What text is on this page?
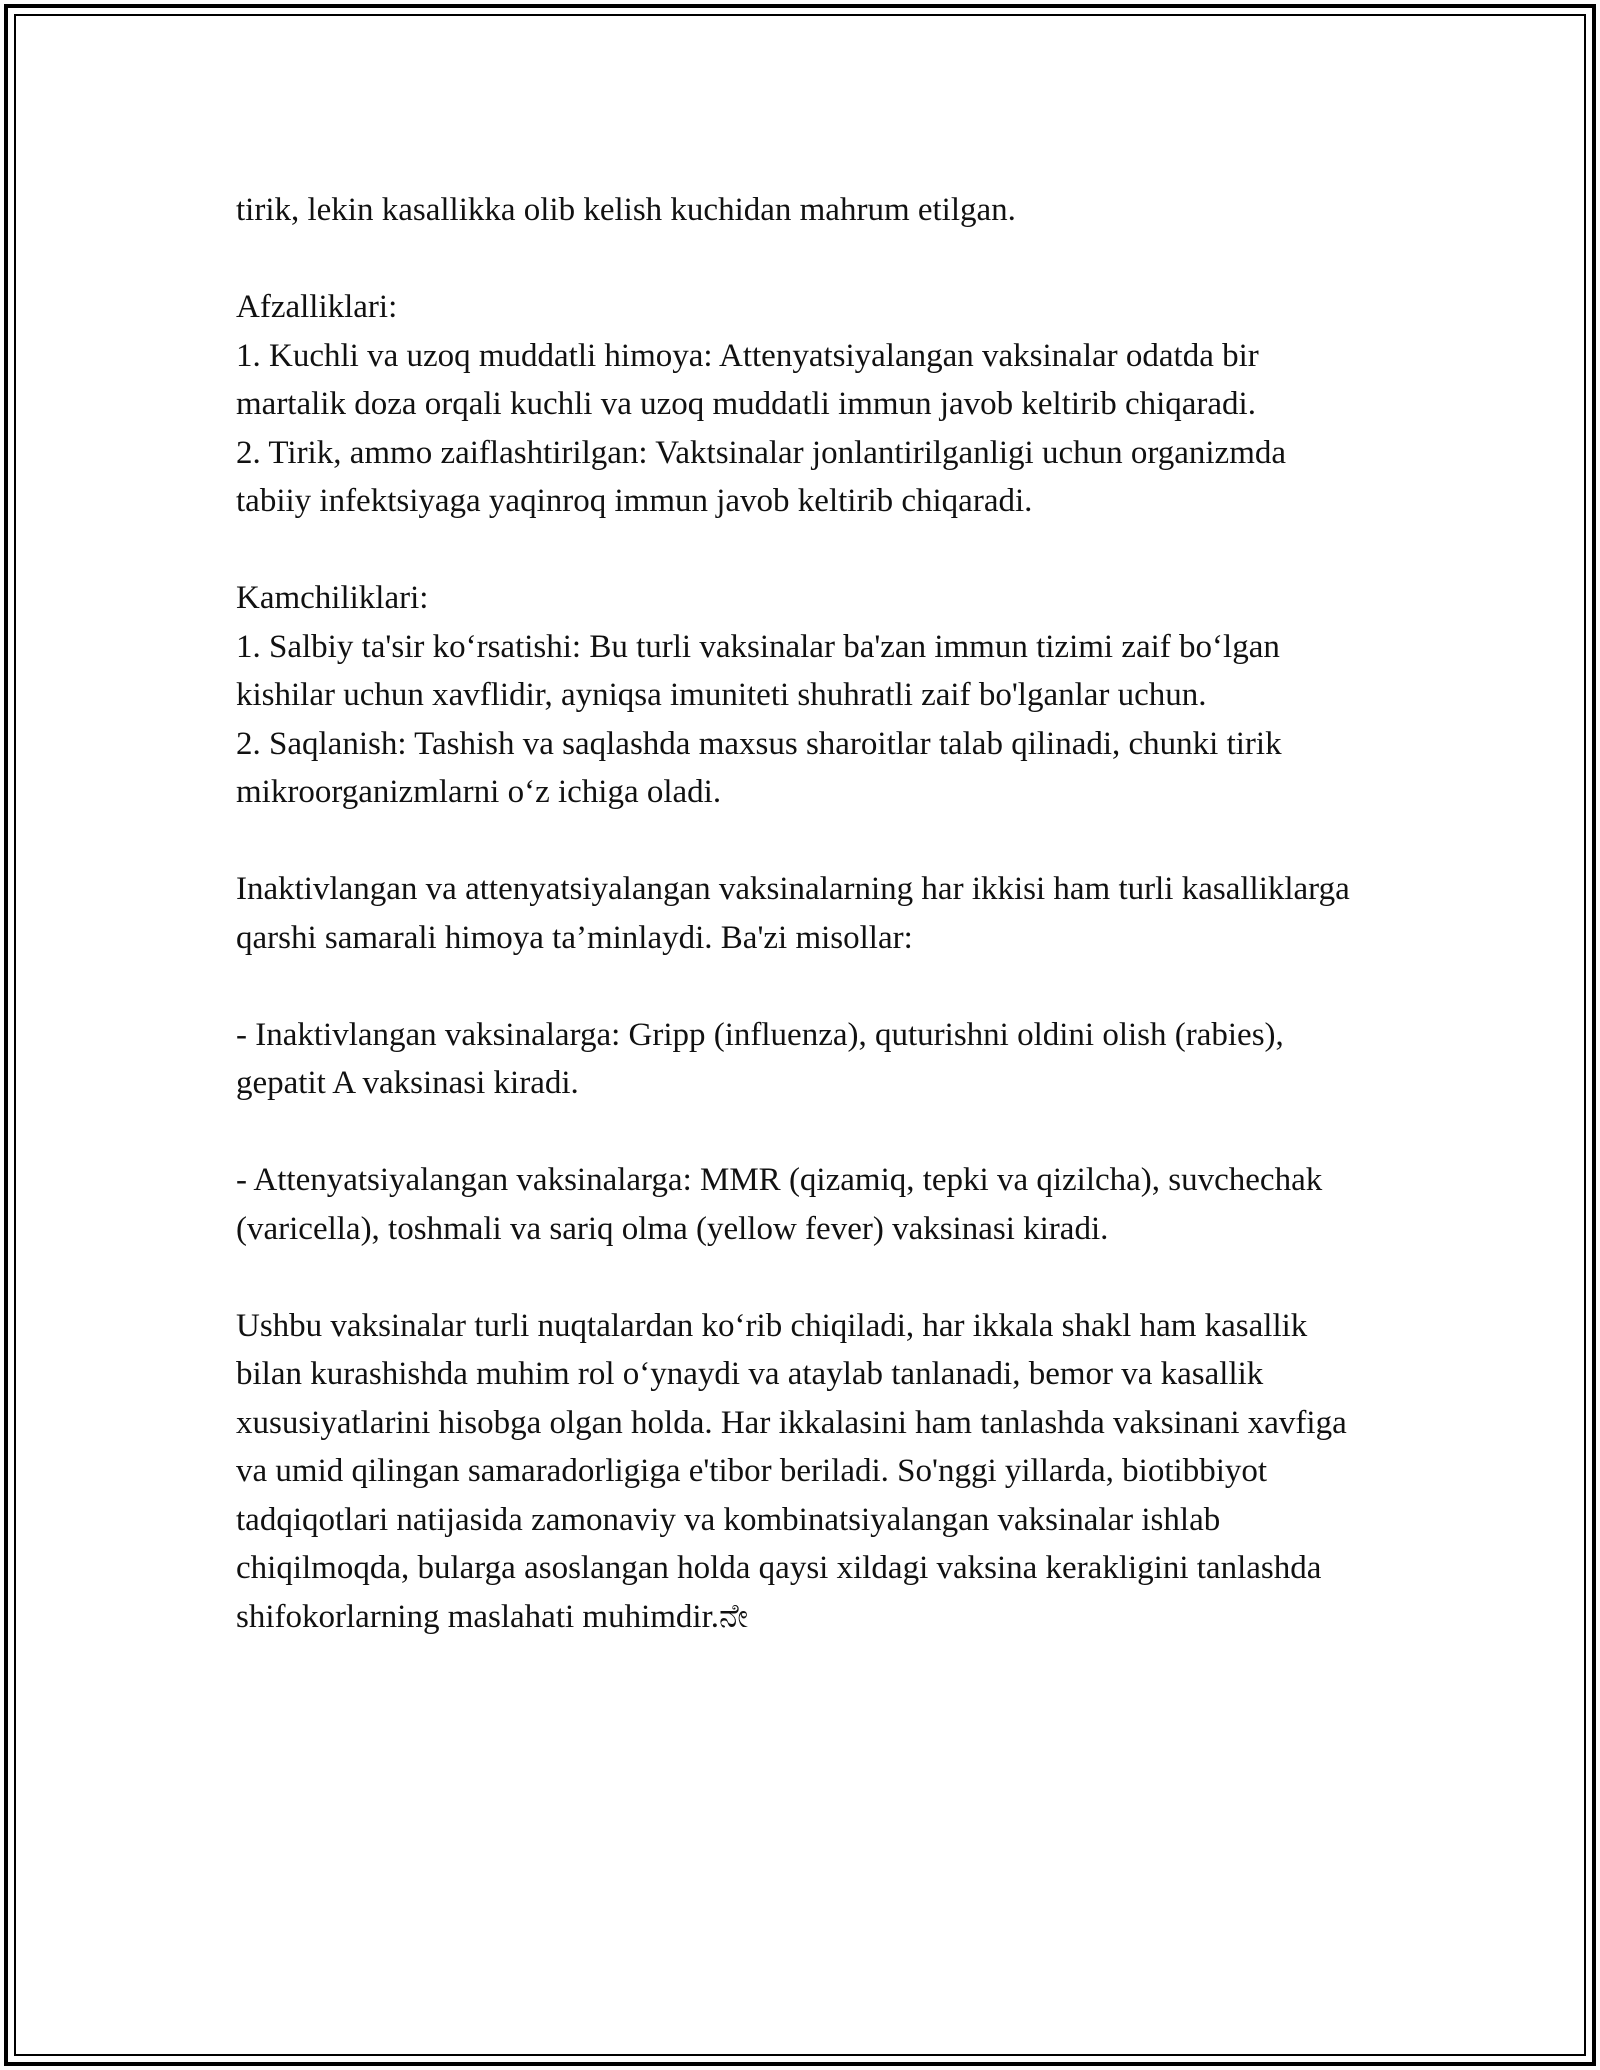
tirik, lekin kasallikka olib kelish kuchidan mahrum etilgan.

Afzalliklari:

1. Kuchli va uzoq muddatli himoya: Attenyatsiyalangan vaksinalar odatda bir martalik doza orqali kuchli va uzoq muddatli immun javob keltirib chiqaradi.

2. Tirik, ammo zaiflashtirilgan: Vaktsinalar jonlantirilganligi uchun organizmda tabiiy infektsiyaga yaqinroq immun javob keltirib chiqaradi.

Kamchiliklari:

1. Salbiy ta'sir ko‘rsatishi: Bu turli vaksinalar ba'zan immun tizimi zaif bo‘lgan kishilar uchun xavflidir, ayniqsa imuniteti shuhratli zaif bo'lganlar uchun.

2. Saqlanish: Tashish va saqlashda maxsus sharoitlar talab qilinadi, chunki tirik mikroorganizmlarni o‘z ichiga oladi.

Inaktivlangan va attenyatsiyalangan vaksinalarning har ikkisi ham turli kasalliklarga qarshi samarali himoya ta’minlaydi. Ba'zi misollar:

- Inaktivlangan vaksinalarga: Gripp (influenza), quturishni oldini olish (rabies), gepatit A vaksinasi kiradi.

- Attenyatsiyalangan vaksinalarga: MMR (qizamiq, tepki va qizilcha), suvchechak (varicella), toshmali va sariq olma (yellow fever) vaksinasi kiradi.

Ushbu vaksinalar turli nuqtalardan ko‘rib chiqiladi, har ikkala shakl ham kasallik bilan kurashishda muhim rol o‘ynaydi va ataylab tanlanadi, bemor va kasallik xususiyatlarini hisobga olgan holda. Har ikkalasini ham tanlashda vaksinani xavfiga va umid qilingan samaradorligiga e'tibor beriladi. So'nggi yillarda, biotibbiyot tadqiqotlari natijasida zamonaviy va kombinatsiyalangan vaksinalar ishlab chiqilmoqda, bularga asoslangan holda qaysi xildagi vaksina kerakligini tanlashda shifokorlarning maslahati muhimdir.ನೇ
